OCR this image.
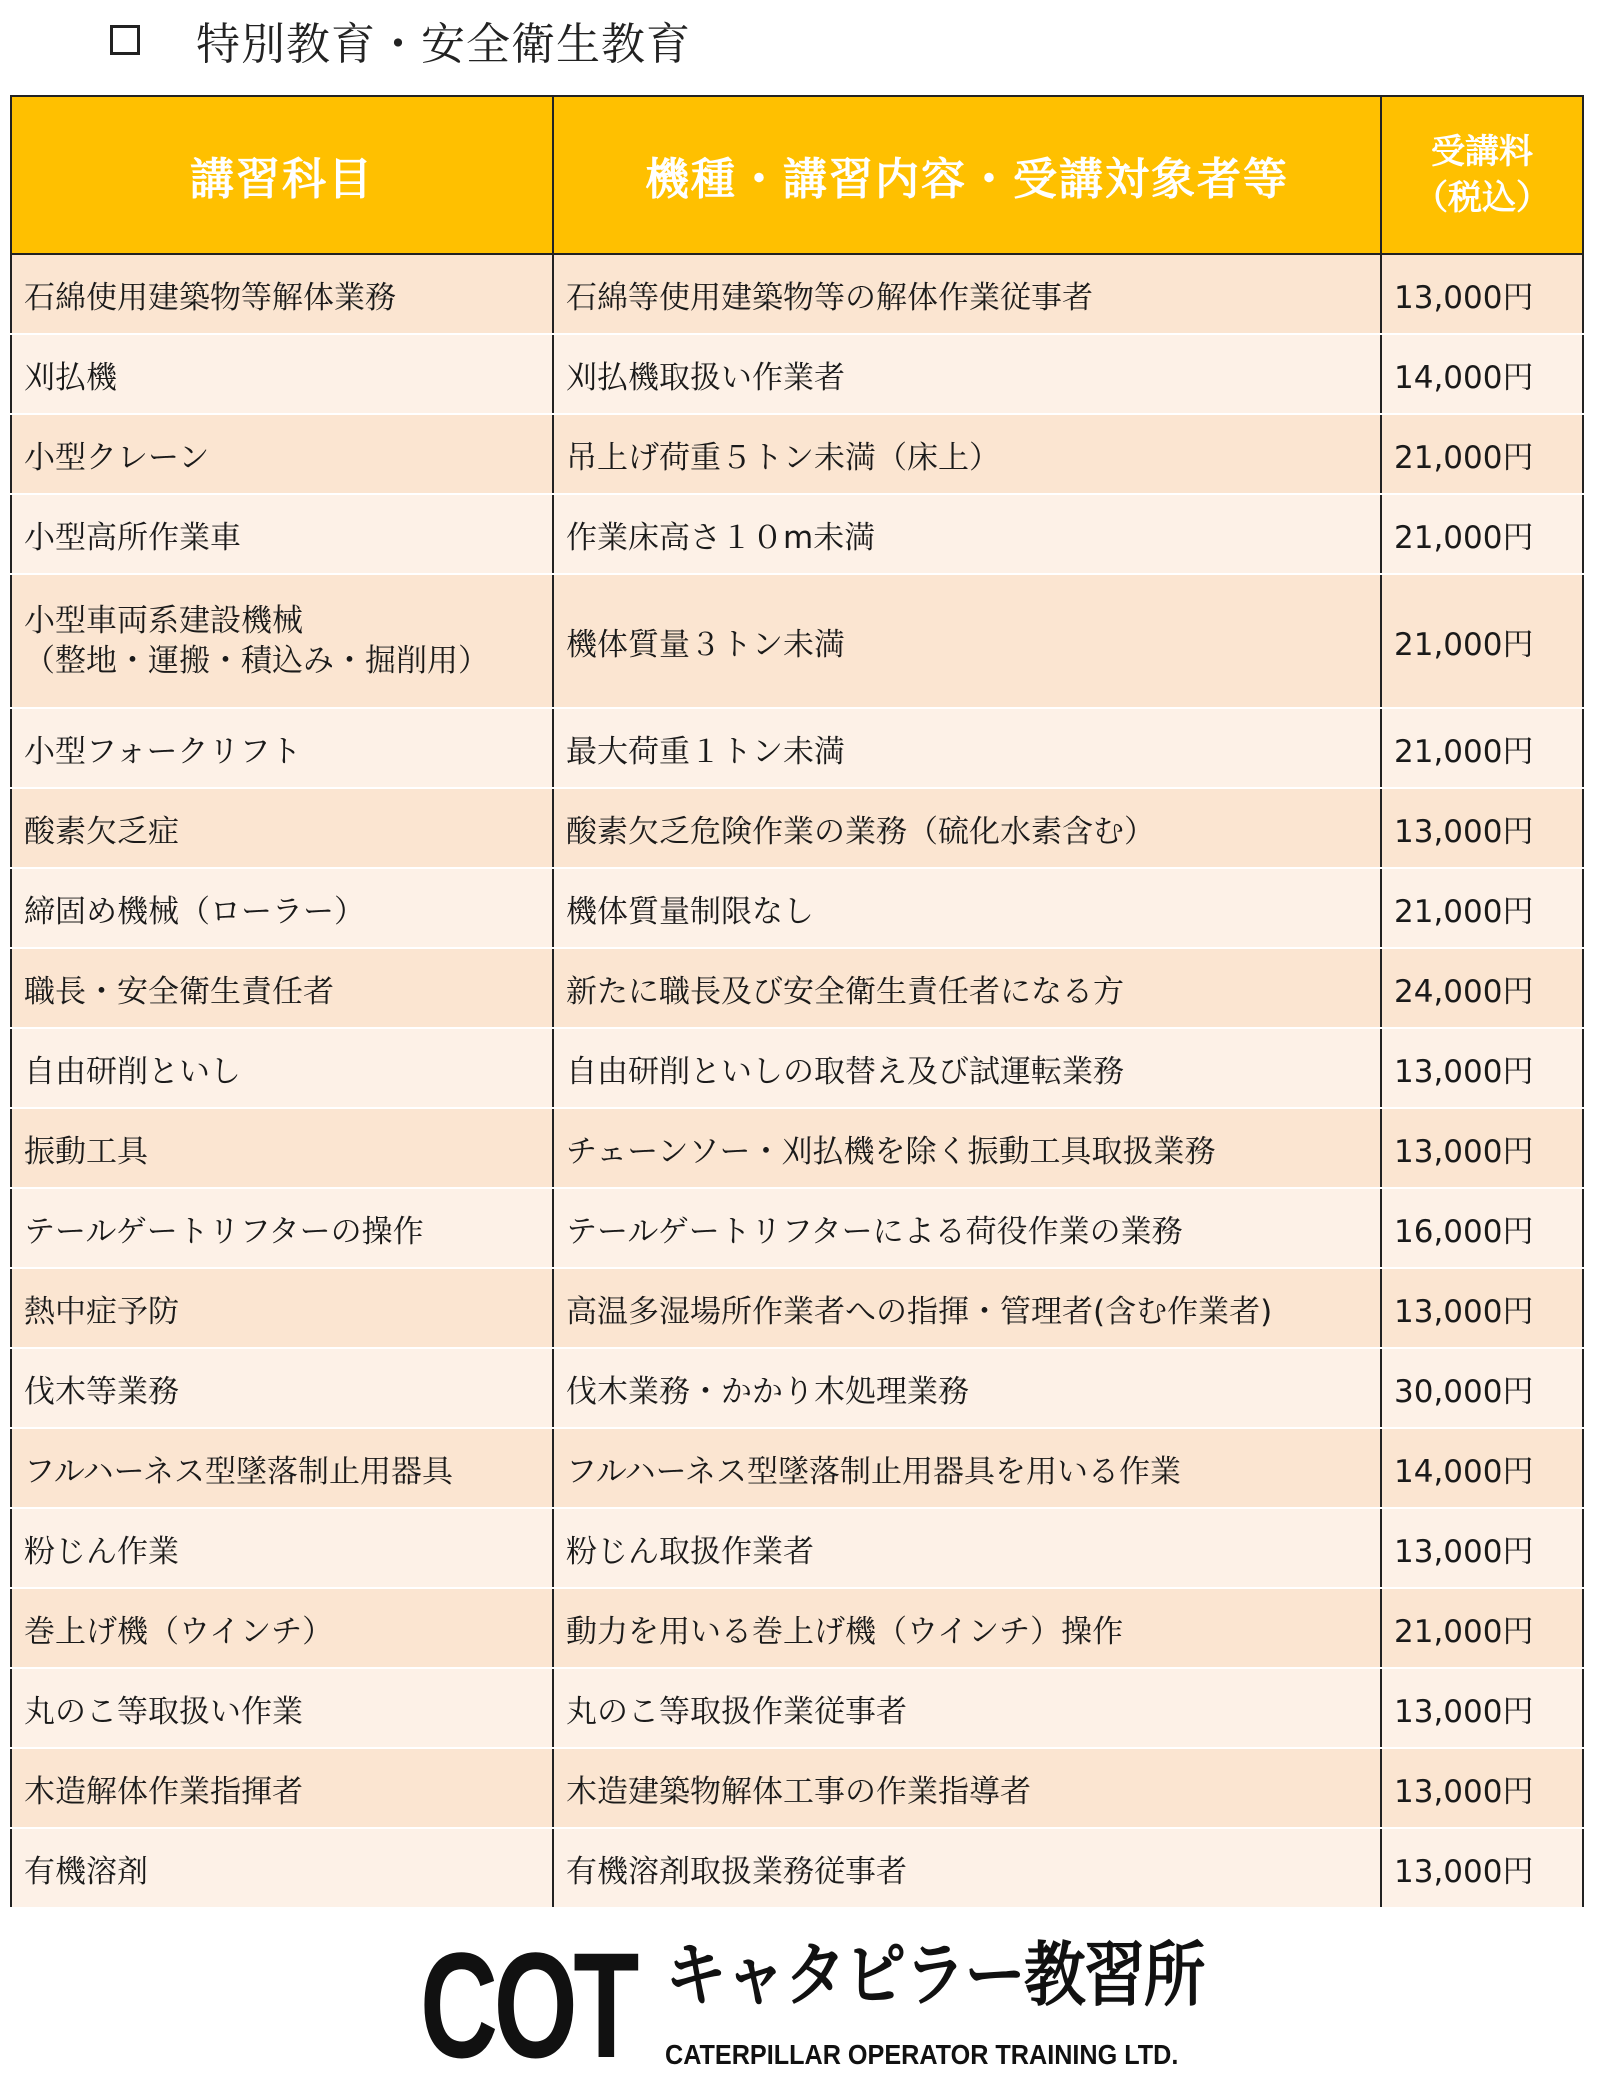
特別教育・安全衛生教育
講習科目	機種・講習内容・受講対象者等	受講料
（税込）

石綿使用建築物等解体業務	石綿等使用建築物等の解体作業従事者	13,000円
刈払機	刈払機取扱い作業者	14,000円
小型クレーン	吊上げ荷重５トン未満（床上）	21,000円
小型高所作業車	作業床高さ１０m未満	21,000円

小型車両系建設機械
（整地・運搬・積込み・掘削用）	機体質量３トン未満	21,000円
小型フォークリフト	最大荷重１トン未満	21,000円
酸素欠乏症	酸素欠乏危険作業の業務（硫化水素含む）	13,000円
締固め機械（ローラー）	機体質量制限なし	21,000円
職長・安全衛生責任者	新たに職長及び安全衛生責任者になる方	24,000円
自由研削といし	自由研削といしの取替え及び試運転業務	13,000円
振動工具	チェーンソー・刈払機を除く振動工具取扱業務	13,000円
テールゲートリフターの操作	テールゲートリフターによる荷役作業の業務	16,000円
熱中症予防	高温多湿場所作業者への指揮・管理者(含む作業者)	13,000円
伐木等業務	伐木業務・かかり木処理業務	30,000円
フルハーネス型墜落制止用器具	フルハーネス型墜落制止用器具を用いる作業	14,000円
粉じん作業	粉じん取扱作業者	13,000円
巻上げ機（ウインチ）	動力を用いる巻上げ機（ウインチ）操作	21,000円
丸のこ等取扱い作業	丸のこ等取扱作業従事者	13,000円
木造解体作業指揮者	木造建築物解体工事の作業指導者	13,000円
有機溶剤	有機溶剤取扱業務従事者	13,000円
COT キャタピラー教習所
CATERPILLAR OPERATOR TRAINING LTD.
